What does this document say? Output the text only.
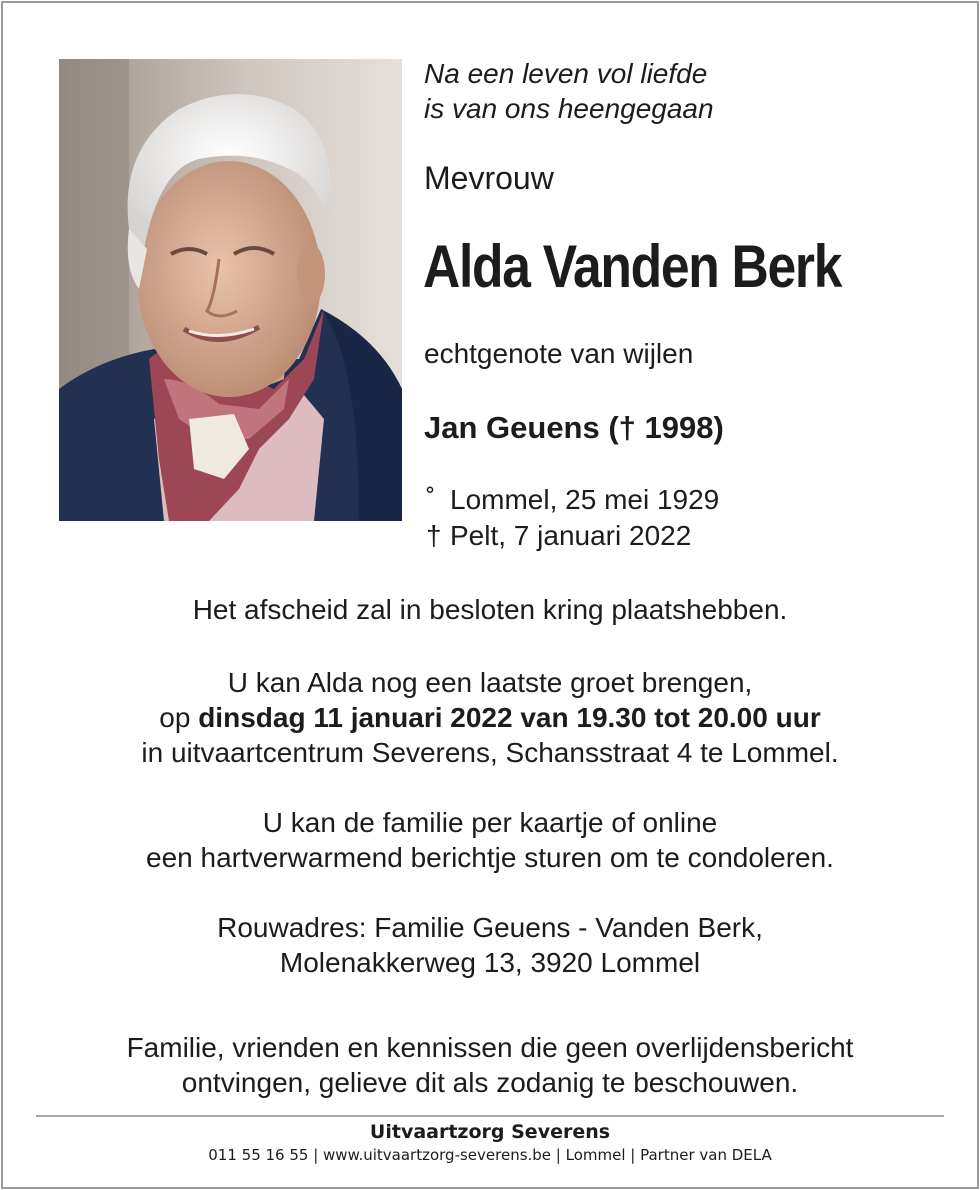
Na een leven vol liefde
is van ons heengegaan
Mevrouw
Alda Vanden Berk
echtgenote van wijlen
Jan Geuens († 1998)
˚ Lommel, 25 mei 1929
† Pelt, 7 januari 2022
Het afscheid zal in besloten kring plaatshebben.
U kan Alda nog een laatste groet brengen,
op dinsdag 11 januari 2022 van 19.30 tot 20.00 uur
in uitvaartcentrum Severens, Schansstraat 4 te Lommel.
U kan de familie per kaartje of online
een hartverwarmend berichtje sturen om te condoleren.
Rouwadres: Familie Geuens - Vanden Berk,
Molenakkerweg 13, 3920 Lommel
Familie, vrienden en kennissen die geen overlijdensbericht
ontvingen, gelieve dit als zodanig te beschouwen.
Uitvaartzorg Severens
011 55 16 55 | www.uitvaartzorg-severens.be | Lommel | Partner van DELA
